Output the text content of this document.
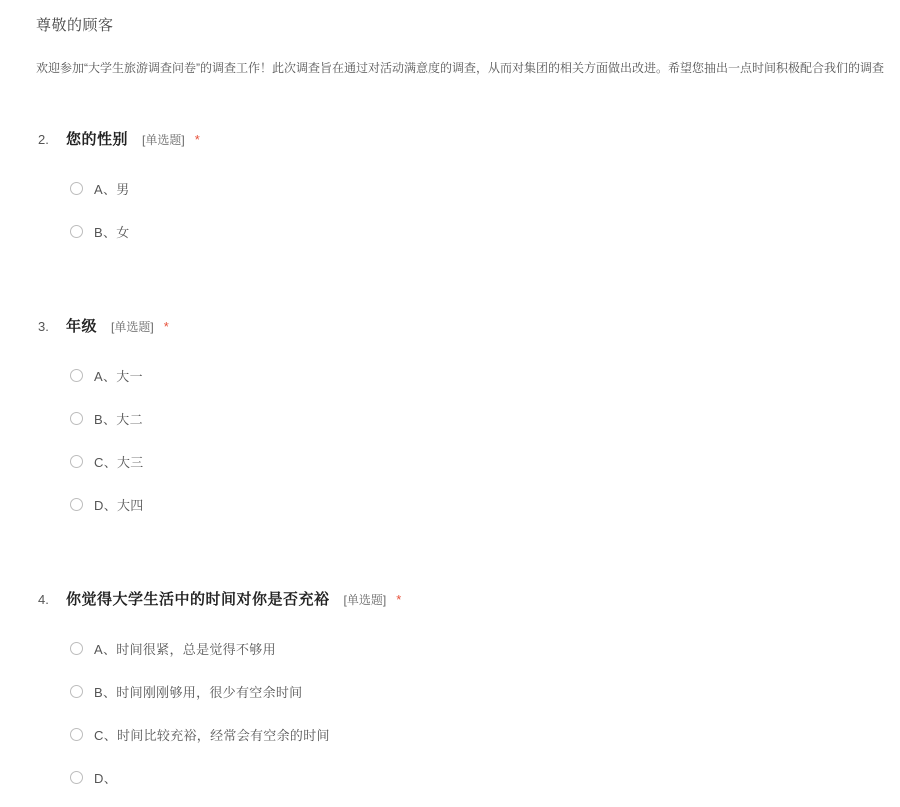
尊敬的顾客
欢迎参加“大学生旅游调查问卷”的调查工作！此次调查旨在通过对活动满意度的调查，从而对集团的相关方面做出改进。希望您抽出一点时间积极配合我们的调查
2.	您的性别 [单选题] *
A、男
B、女
3.	年级 [单选题] *
A、大一
B、大二
C、大三
D、大四
4.	你觉得大学生活中的时间对你是否充裕 [单选题] *
A、时间很紧，总是觉得不够用
B、时间刚刚够用，很少有空余时间
C、时间比较充裕，经常会有空余的时间
D、
